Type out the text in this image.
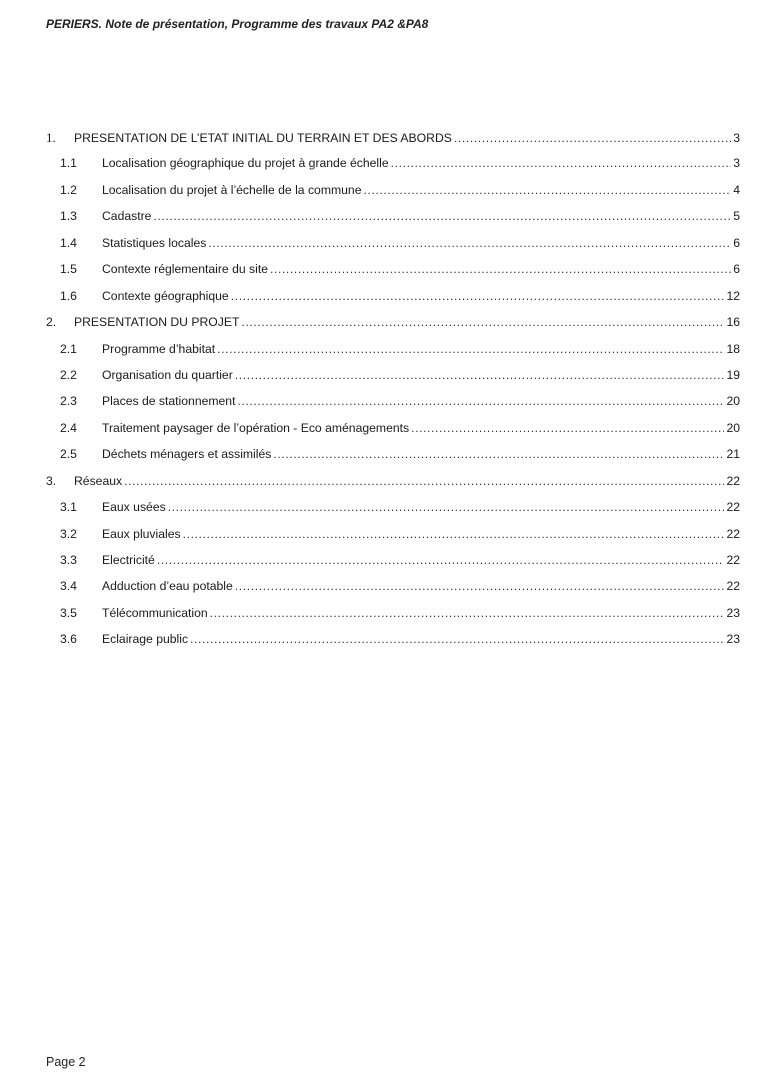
PERIERS. Note de présentation, Programme des travaux PA2 &PA8
1.	PRESENTATION DE L’ETAT INITIAL DU TERRAIN ET DES ABORDS .....	3
1.1	Localisation géographique du projet à grande échelle .....	3
1.2	Localisation du projet à l’échelle de la commune .....	4
1.3	Cadastre .....	5
1.4	Statistiques locales .....	6
1.5	Contexte réglementaire du site .....	6
1.6	Contexte géographique .....	12
2.	PRESENTATION DU PROJET .....	16
2.1	Programme d’habitat .....	18
2.2	Organisation du quartier .....	19
2.3	Places de stationnement .....	20
2.4	Traitement paysager de l’opération - Eco aménagements .....	20
2.5	Déchets ménagers et assimilés .....	21
3.	Réseaux .....	22
3.1	Eaux usées .....	22
3.2	Eaux pluviales .....	22
3.3	Electricité .....	22
3.4	Adduction d’eau potable .....	22
3.5	Télécommunication .....	23
3.6	Eclairage public .....	23
Page 2
